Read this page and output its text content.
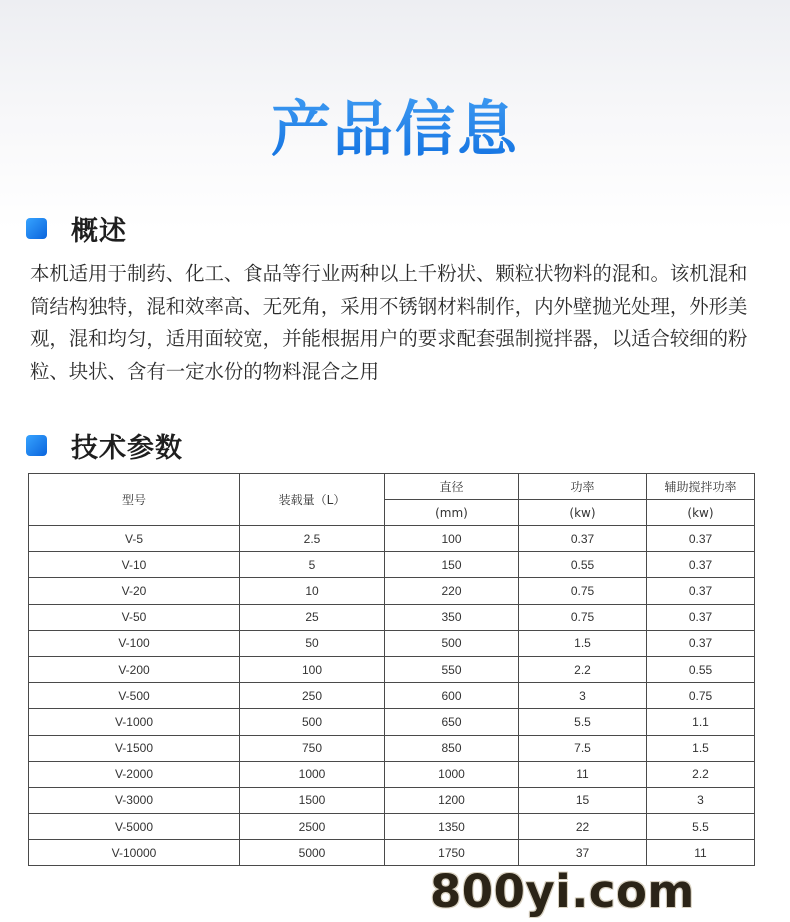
产品信息
概述

本机适用于制药、化工、食品等行业两种以上千粉状、颗粒状物料的混和。该机混和筒结构独特，混和效率高、无死角，采用不锈钢材料制作，内外壁抛光处理，外形美观，混和均匀，适用面较宽，并能根据用户的要求配套强制搅拌器，以适合较细的粉粒、块状、含有一定水份的物料混合之用

技术参数
型号	装载量（L）	直径	功率	辅助搅拌功率
		(mm)	(kw)	(kw)
V-5	2.5	100	0.37	0.37
V-10	5	150	0.55	0.37
V-20	10	220	0.75	0.37
V-50	25	350	0.75	0.37
V-100	50	500	1.5	0.37
V-200	100	550	2.2	0.55
V-500	250	600	3	0.75
V-1000	500	650	5.5	1.1
V-1500	750	850	7.5	1.5
V-2000	1000	1000	11	2.2
V-3000	1500	1200	15	3
V-5000	2500	1350	22	5.5
V-10000	5000	1750	37	11
800yi.com
